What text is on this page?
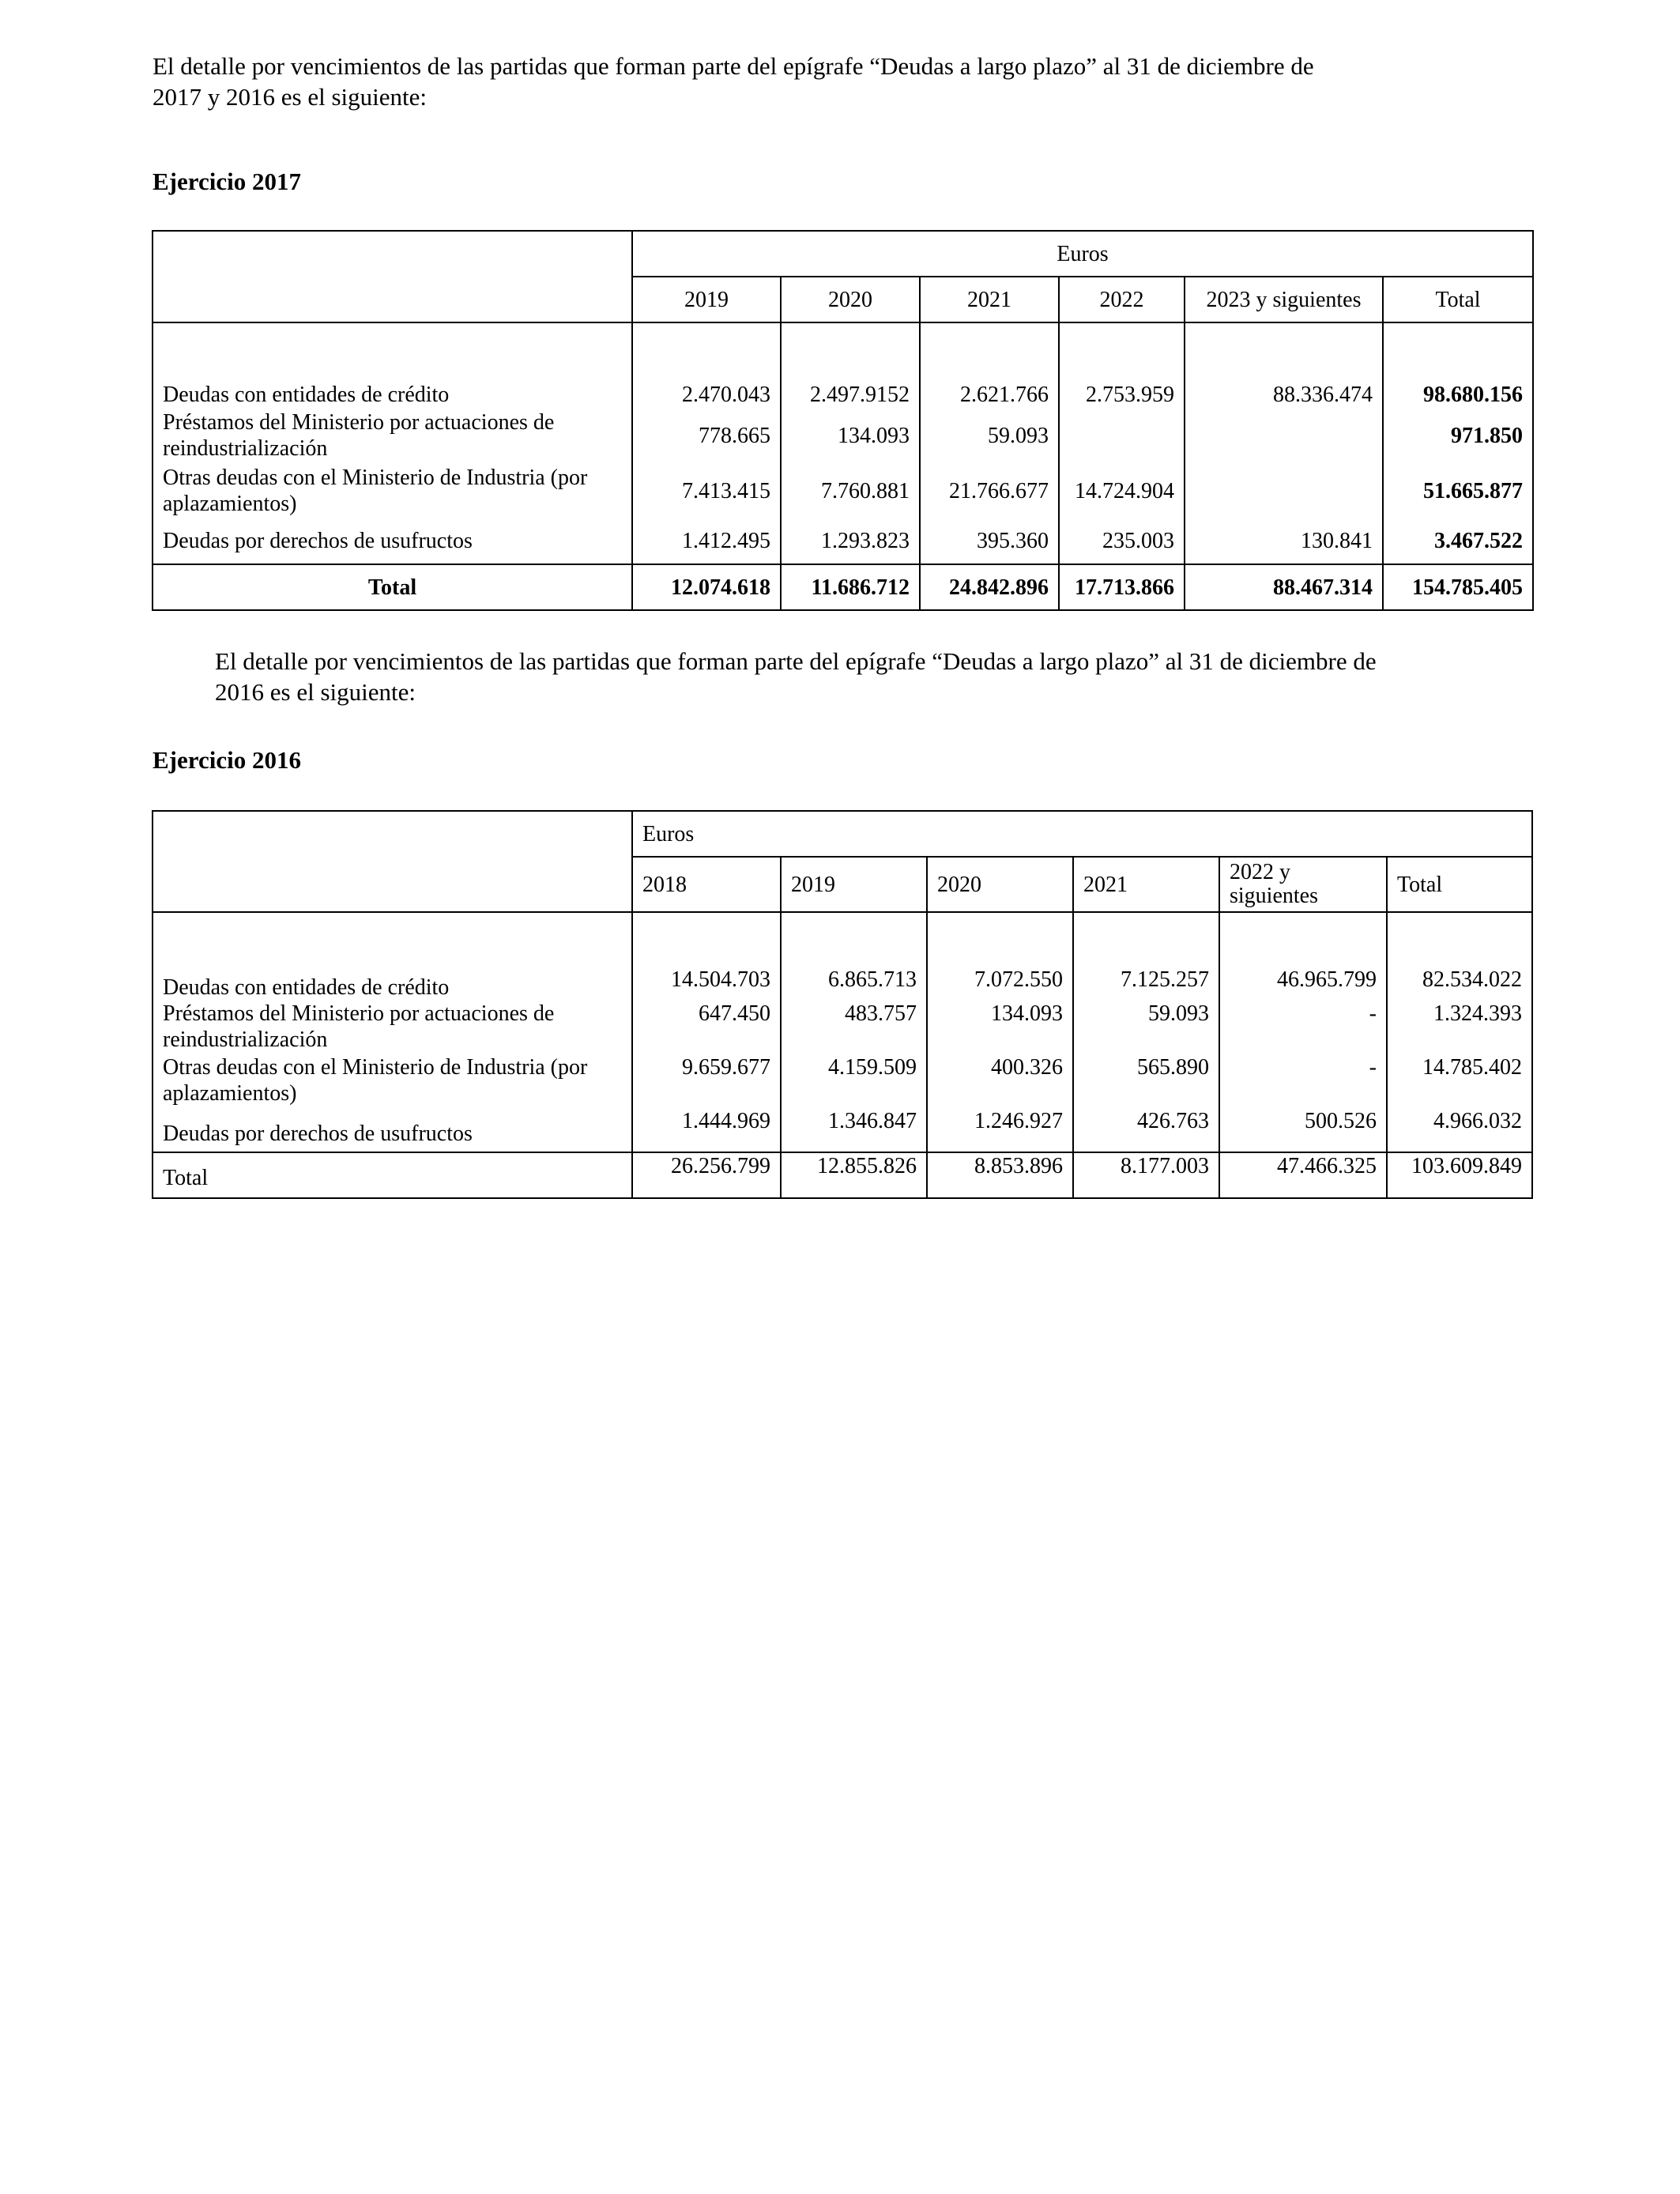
El detalle por vencimientos de las partidas que forman parte del epígrafe “Deudas a largo plazo” al 31 de diciembre de
2017 y 2016 es el siguiente:
Ejercicio 2017
	Euros					
	2019	2020	2021	2022	2023 y siguientes	Total
Deudas con entidades de crédito	2.470.043	2.497.9152	2.621.766	2.753.959	88.336.474	98.680.156
Préstamos del Ministerio por actuaciones de reindustrialización	778.665	134.093	59.093			971.850
Otras deudas con el Ministerio de Industria (por aplazamientos)	7.413.415	7.760.881	21.766.677	14.724.904		51.665.877
Deudas por derechos de usufructos	1.412.495	1.293.823	395.360	235.003	130.841	3.467.522
Total	12.074.618	11.686.712	24.842.896	17.713.866	88.467.314	154.785.405
El detalle por vencimientos de las partidas que forman parte del epígrafe “Deudas a largo plazo” al 31 de diciembre de
2016 es el siguiente:
Ejercicio 2016
	Euros					
	2018	2019	2020	2021	2022 y siguientes	Total
Deudas con entidades de crédito	14.504.703	6.865.713	7.072.550	7.125.257	46.965.799	82.534.022
Préstamos del Ministerio por actuaciones de reindustrialización	647.450	483.757	134.093	59.093	-	1.324.393
Otras deudas con el Ministerio de Industria (por aplazamientos)	9.659.677	4.159.509	400.326	565.890	-	14.785.402
Deudas por derechos de usufructos	1.444.969	1.346.847	1.246.927	426.763	500.526	4.966.032
Total	26.256.799	12.855.826	8.853.896	8.177.003	47.466.325	103.609.849
